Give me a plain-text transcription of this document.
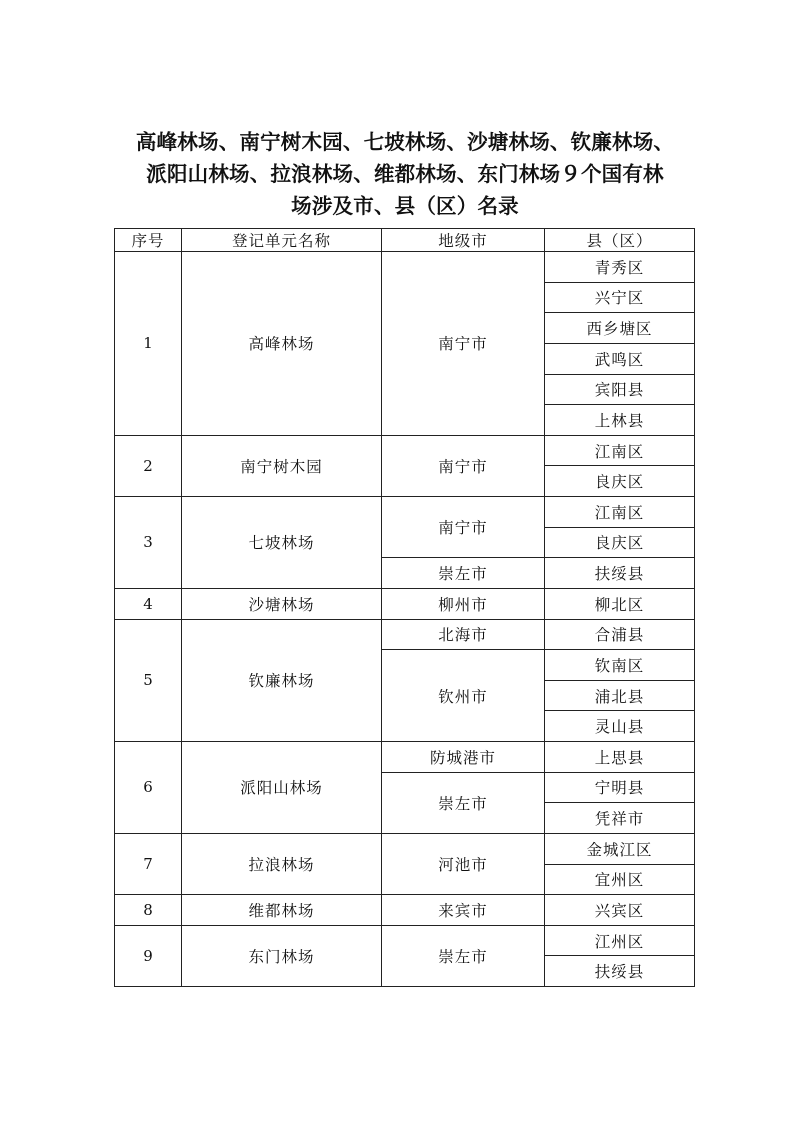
高峰林场、南宁树木园、七坡林场、沙塘林场、钦廉林场、
派阳山林场、拉浪林场、维都林场、东门林场９个国有林
场涉及市、县（区）名录
序号	登记单元名称	地级市	县（区）
1	高峰林场	南宁市	青秀区
			兴宁区
			西乡塘区
			武鸣区
			宾阳县
			上林县
2	南宁树木园	南宁市	江南区
			良庆区
3	七坡林场	南宁市	江南区
			良庆区
		崇左市	扶绥县
4	沙塘林场	柳州市	柳北区
5	钦廉林场	北海市	合浦县
		钦州市	钦南区
			浦北县
			灵山县
6	派阳山林场	防城港市	上思县
		崇左市	宁明县
			凭祥市
7	拉浪林场	河池市	金城江区
			宜州区
8	维都林场	来宾市	兴宾区
9	东门林场	崇左市	江州区
			扶绥县
